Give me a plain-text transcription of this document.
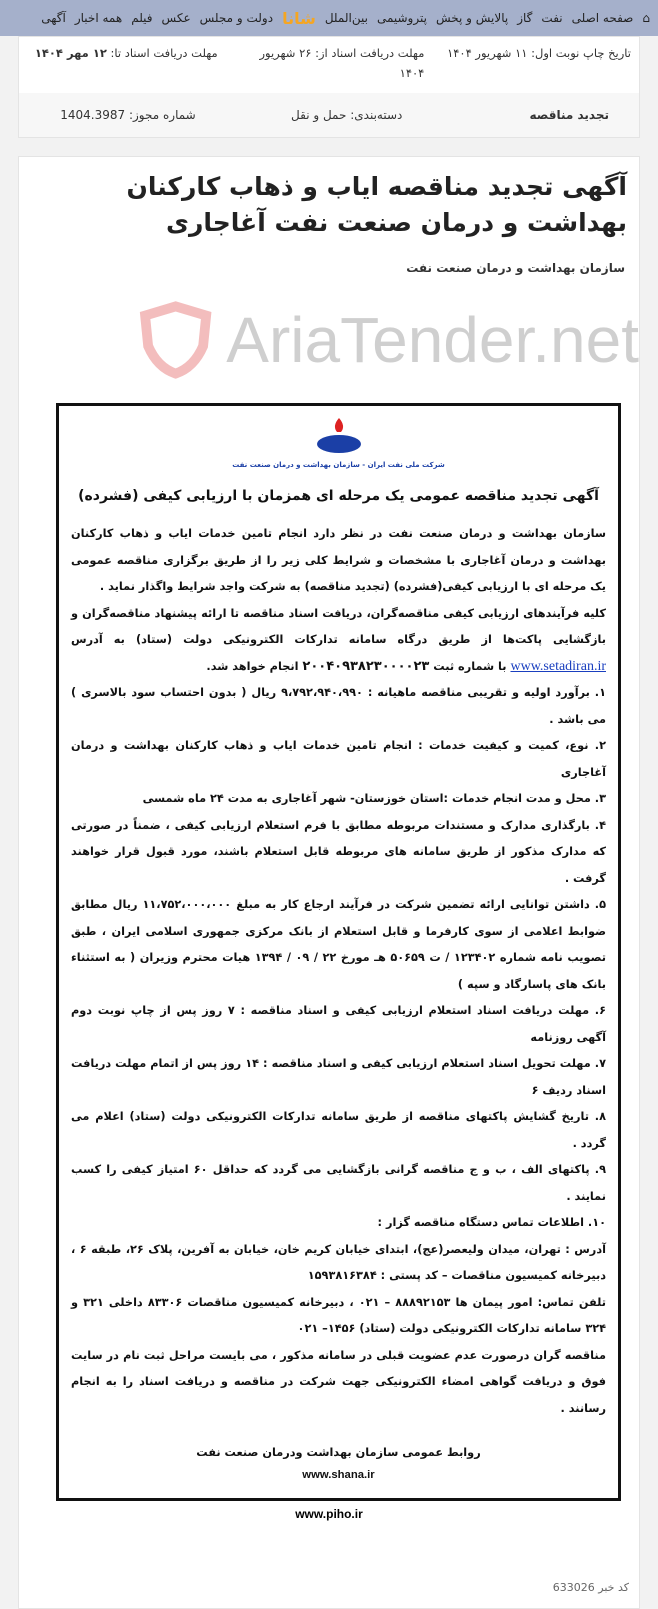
⌂
صفحه اصلی
نفت
گاز
پالایش و پخش
پتروشیمی
بین‌الملل
شانا
دولت و مجلس
عکس
فیلم
همه اخبار
آگهی
تاریخ چاپ نوبت اول: ۱۱ شهریور ۱۴۰۴
مهلت دریافت اسناد از: ۲۶ شهریور ۱۴۰۴
مهلت دریافت اسناد تا: ۱۲ مهر ۱۴۰۴
تجدید مناقصه
دسته‌بندی: حمل و نقل
شماره مجوز: 1404.3987
آگهی تجدید مناقصه ایاب و ذهاب کارکنان بهداشت و درمان صنعت نفت آغاجاری
سازمان بهداشت و درمان صنعت نفت
AriaTender.net
شرکت ملی نفت ایران - سازمان بهداشت و درمان صنعت نفت
آگهی تجدید مناقصه عمومی یک مرحله ای همزمان با ارزیابی کیفی (فشرده)

سازمان بهداشت و درمان صنعت نفت در نظر دارد انجام تامین خدمات ایاب و ذهاب کارکنان بهداشت و درمان آغاجاری با مشخصات و شرایط کلی زیر را از طریق برگزاری مناقصه عمومی یک مرحله ای با ارزیابی کیفی(فشرده) (تجدید مناقصه) به شرکت واجد شرایط واگذار نماید .

کلیه فرآیندهای ارزیابی کیفی مناقصه‌گران، دریافت اسناد مناقصه تا ارائه پیشنهاد مناقصه‌گران و بازگشایی پاکت‌ها از طریق درگاه سامانه تدارکات الکترونیکی دولت (ستاد) به آدرس www.setadiran.ir با شماره ثبت ۲۰۰۴۰۹۳۸۲۳۰۰۰۰۲۳ انجام خواهد شد.

۱. برآورد اولیه و تقریبی مناقصه ماهیانه : ۹،۷۹۲،۹۴۰،۹۹۰ ریال ( بدون احتساب سود بالاسری ) می باشد .

۲. نوع، کمیت و کیفیت خدمات : انجام تامین خدمات ایاب و ذهاب کارکنان بهداشت و درمان آغاجاری

۳. محل و مدت انجام خدمات :استان خوزستان- شهر آغاجاری به مدت ۲۴ ماه شمسی

۴. بارگذاری مدارک و مستندات مربوطه مطابق با فرم استعلام ارزیابی کیفی ، ضمناً در صورتی که مدارک مذکور از طریق سامانه های مربوطه قابل استعلام باشند، مورد قبول قرار خواهند گرفت .

۵. داشتن توانایی ارائه تضمین شرکت در فرآیند ارجاع کار به مبلغ ۱۱،۷۵۲،۰۰۰،۰۰۰ ریال مطابق ضوابط اعلامی از سوی کارفرما و قابل استعلام از بانک مرکزی جمهوری اسلامی ایران ، طبق تصویب نامه شماره ۱۲۳۴۰۲ / ت ۵۰۶۵۹ هـ مورخ ۲۲ / ۰۹ / ۱۳۹۴ هیات محترم وزیران ( به استثناء بانک های پاسارگاد و سپه )

۶. مهلت دریافت اسناد استعلام ارزیابی کیفی و اسناد مناقصه : ۷ روز پس از چاپ نوبت دوم آگهی روزنامه

۷. مهلت تحویل اسناد استعلام ارزیابی کیفی و اسناد مناقصه : ۱۴ روز پس از اتمام مهلت دریافت اسناد ردیف ۶

۸. تاریخ گشایش پاکتهای مناقصه از طریق سامانه تدارکات الکترونیکی دولت (ستاد) اعلام می گردد .

۹. پاکتهای الف ، ب و ج مناقصه گرانی بازگشایی می گردد که حداقل ۶۰ امتیاز کیفی را کسب نمایند .

۱۰. اطلاعات تماس دستگاه مناقصه گزار :

آدرس : تهران، میدان ولیعصر(عج)، ابتدای خیابان کریم خان، خیابان به آفرین، پلاک ۲۶، طبقه ۶ ، دبیرخانه کمیسیون مناقصات – کد پستی : ۱۵۹۳۸۱۶۳۸۴

تلفن تماس: امور پیمان ها ۸۸۸۹۲۱۵۳ – ۰۲۱ ، دبیرخانه کمیسیون مناقصات ۸۳۳۰۶ داخلی ۳۲۱ و ۳۲۴ سامانه تدارکات الکترونیکی دولت (ستاد) ۱۴۵۶– ۰۲۱

مناقصه گران درصورت عدم عضویت قبلی در سامانه مذکور ، می بایست مراحل ثبت نام در سایت فوق و دریافت گواهی امضاء الکترونیکی جهت شرکت در مناقصه و دریافت اسناد را به انجام رسانند .

روابط عمومی سازمان بهداشت ودرمان صنعت نفت
www.shana.ir
www.piho.ir
کد خبر 633026
